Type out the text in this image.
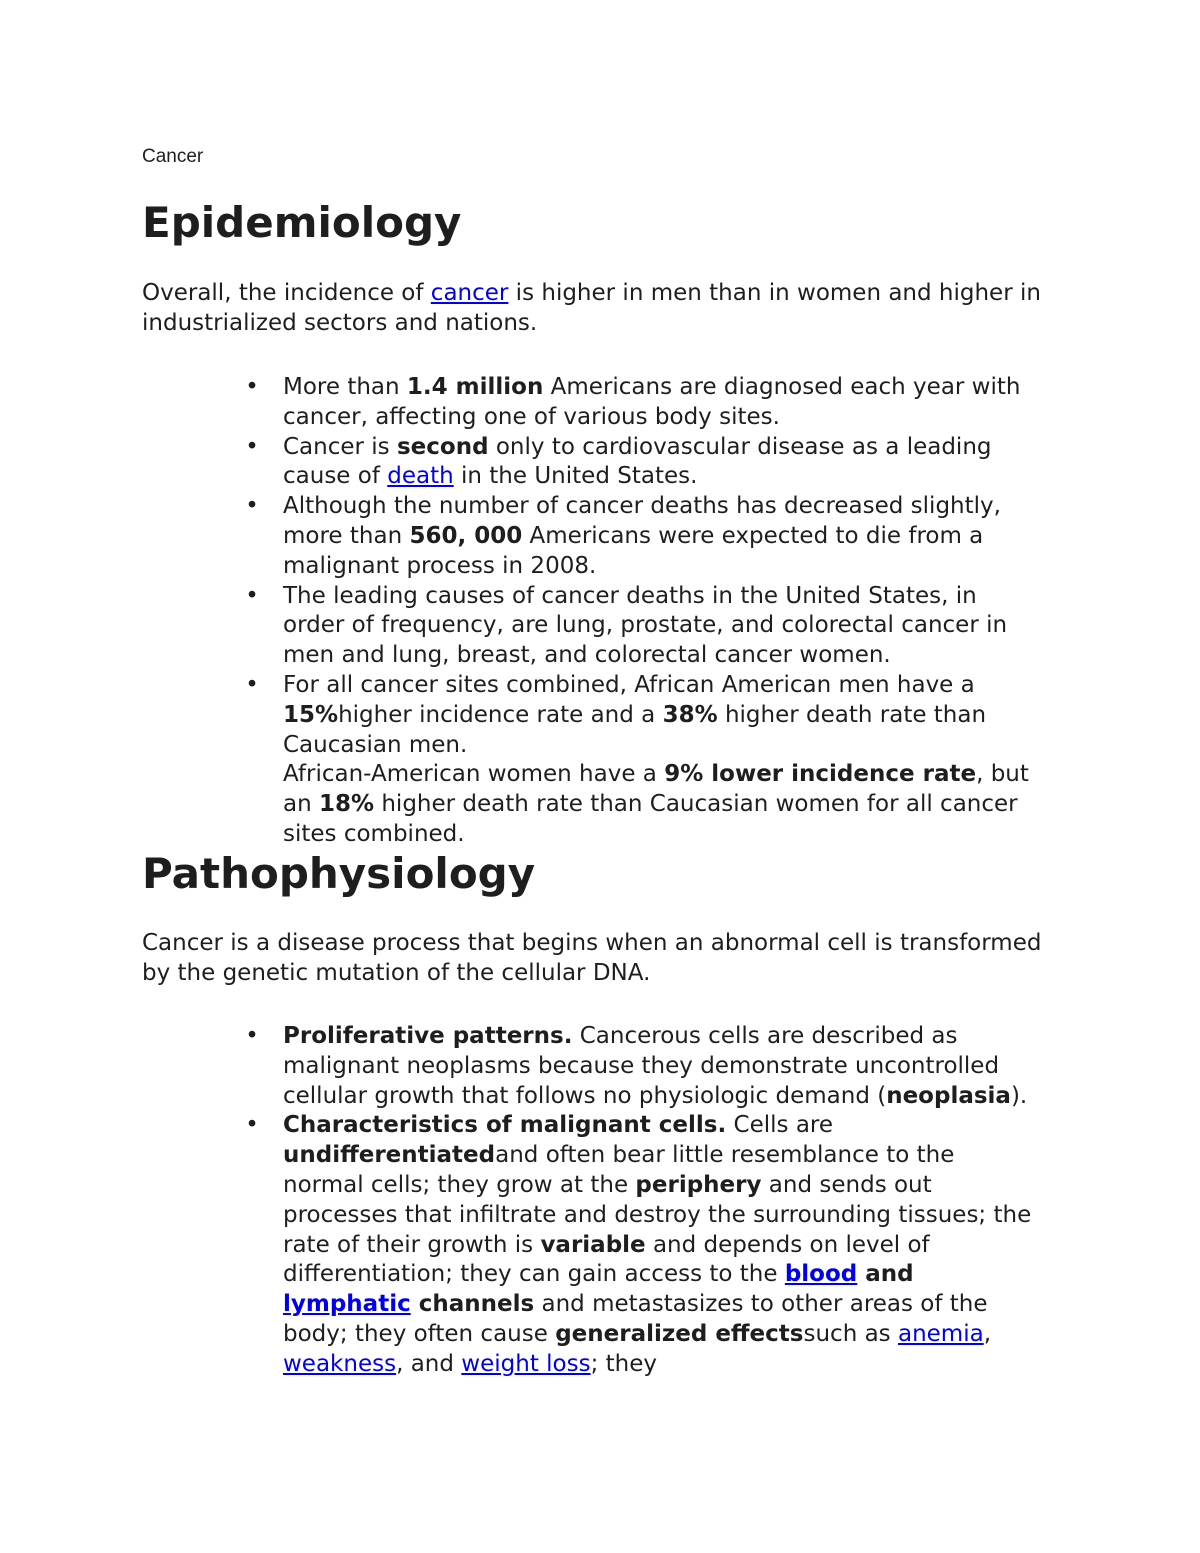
Cancer
Epidemiology

Overall, the incidence of cancer is higher in men than in women and higher in industrialized sectors and nations.

• More than 1.4 million Americans are diagnosed each year with cancer, affecting one of various body sites.
• Cancer is second only to cardiovascular disease as a leading cause of death in the United States.
• Although the number of cancer deaths has decreased slightly, more than 560, 000 Americans were expected to die from a malignant process in 2008.
• The leading causes of cancer deaths in the United States, in order of frequency, are lung, prostate, and colorectal cancer in men and lung, breast, and colorectal cancer women.
• For all cancer sites combined, African American men have a 15%higher incidence rate and a 38% higher death rate than Caucasian men.
African-American women have a 9% lower incidence rate, but an 18% higher death rate than Caucasian women for all cancer sites combined.
Pathophysiology

Cancer is a disease process that begins when an abnormal cell is transformed by the genetic mutation of the cellular DNA.

• Proliferative patterns. Cancerous cells are described as malignant neoplasms because they demonstrate uncontrolled cellular growth that follows no physiologic demand (neoplasia).
• Characteristics of malignant cells. Cells are undifferentiatedand often bear little resemblance to the normal cells; they grow at the periphery and sends out processes that infiltrate and destroy the surrounding tissues; the rate of their growth is variable and depends on level of differentiation; they can gain access to the blood and lymphatic channels and metastasizes to other areas of the body; they often cause generalized effectssuch as anemia, weakness, and weight loss; they
